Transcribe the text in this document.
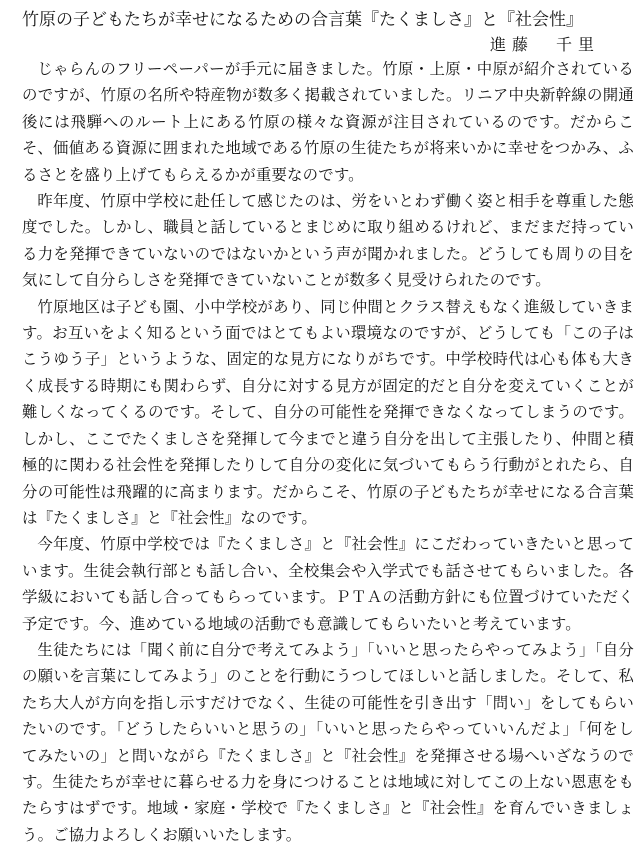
竹原の子どもたちが幸せになるための合言葉『たくましさ』と『社会性』
進藤　千里

じゃらんのフリーペーパーが手元に届きました。竹原・上原・中原が紹介されているのですが、竹原の名所や特産物が数多く掲載されていました。リニア中央新幹線の開通後には飛騨へのルート上にある竹原の様々な資源が注目されているのです。だからこそ、価値ある資源に囲まれた地域である竹原の生徒たちが将来いかに幸せをつかみ、ふるさとを盛り上げてもらえるかが重要なのです。

昨年度、竹原中学校に赴任して感じたのは、労をいとわず働く姿と相手を尊重した態度でした。しかし、職員と話しているとまじめに取り組めるけれど、まだまだ持っている力を発揮できていないのではないかという声が聞かれました。どうしても周りの目を気にして自分らしさを発揮できていないことが数多く見受けられたのです。

竹原地区は子ども園、小中学校があり、同じ仲間とクラス替えもなく進級していきます。お互いをよく知るという面ではとてもよい環境なのですが、どうしても「この子はこうゆう子」というような、固定的な見方になりがちです。中学校時代は心も体も大きく成長する時期にも関わらず、自分に対する見方が固定的だと自分を変えていくことが難しくなってくるのです。そして、自分の可能性を発揮できなくなってしまうのです。しかし、ここでたくましさを発揮して今までと違う自分を出して主張したり、仲間と積極的に関わる社会性を発揮したりして自分の変化に気づいてもらう行動がとれたら、自分の可能性は飛躍的に高まります。だからこそ、竹原の子どもたちが幸せになる合言葉は『たくましさ』と『社会性』なのです。

今年度、竹原中学校では『たくましさ』と『社会性』にこだわっていきたいと思っています。生徒会執行部とも話し合い、全校集会や入学式でも話させてもらいました。各学級においても話し合ってもらっています。ＰＴＡの活動方針にも位置づけていただく予定です。今、進めている地域の活動でも意識してもらいたいと考えています。

生徒たちには「聞く前に自分で考えてみよう」「いいと思ったらやってみよう」「自分の願いを言葉にしてみよう」のことを行動にうつしてほしいと話しました。そして、私たち大人が方向を指し示すだけでなく、生徒の可能性を引き出す「問い」をしてもらいたいのです。「どうしたらいいと思うの」「いいと思ったらやっていいんだよ」「何をしてみたいの」と問いながら『たくましさ』と『社会性』を発揮させる場へいざなうのです。生徒たちが幸せに暮らせる力を身につけることは地域に対してこの上ない恩恵をもたらすはずです。地域・家庭・学校で『たくましさ』と『社会性』を育んでいきましょう。ご協力よろしくお願いいたします。
